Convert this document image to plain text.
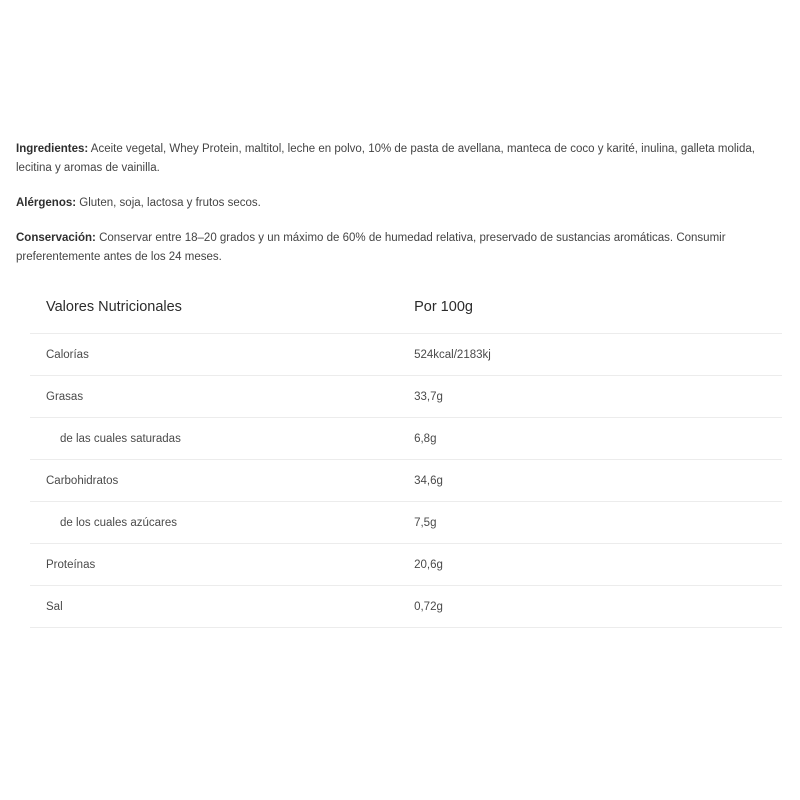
Ingredientes: Aceite vegetal, Whey Protein, maltitol, leche en polvo, 10% de pasta de avellana, manteca de coco y karité, inulina, galleta molida, lecitina y aromas de vainilla.

Alérgenos: Gluten, soja, lactosa y frutos secos.

Conservación: Conservar entre 18–20 grados y un máximo de 60% de humedad relativa, preservado de sustancias aromáticas. Consumir preferentemente antes de los 24 meses.

Valores Nutricionales	Por 100g
Calorías	524kcal/2183kj
Grasas	33,7g
de las cuales saturadas	6,8g
Carbohidratos	34,6g
de los cuales azúcares	7,5g
Proteínas	20,6g
Sal	0,72g
